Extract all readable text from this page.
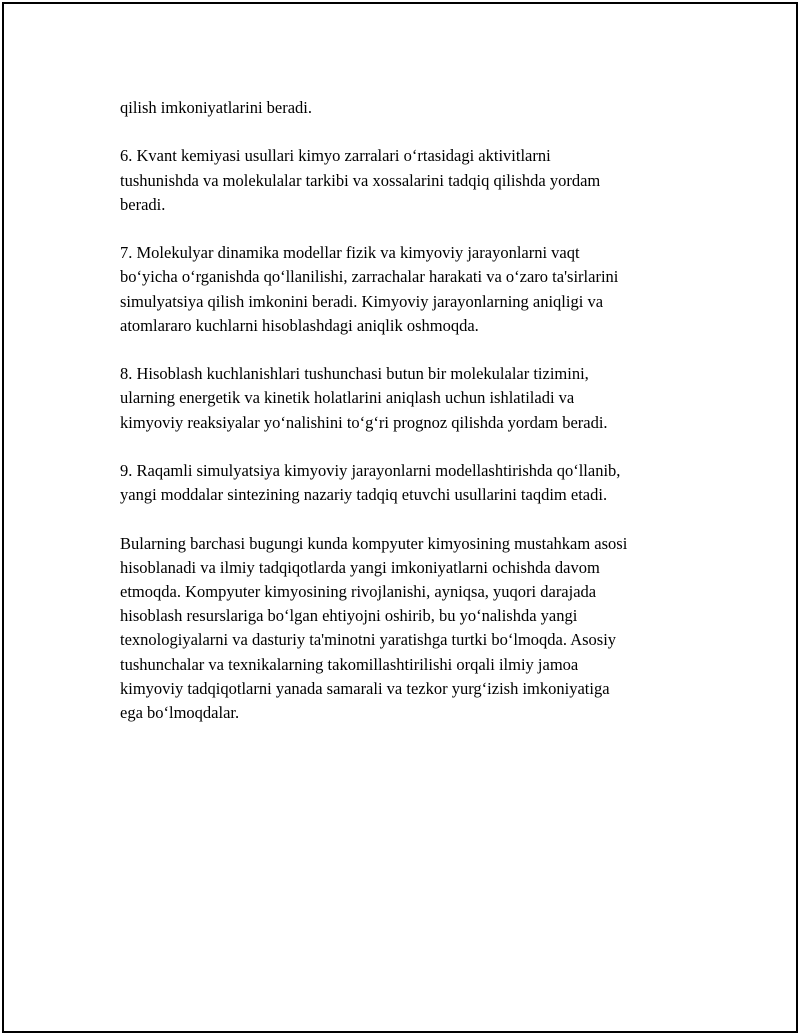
qilish imkoniyatlarini beradi.

6. Kvant kemiyasi usullari kimyo zarralari o‘rtasidagi aktivitlarni
tushunishda va molekulalar tarkibi va xossalarini tadqiq qilishda yordam
beradi.

7. Molekulyar dinamika modellar fizik va kimyoviy jarayonlarni vaqt
bo‘yicha o‘rganishda qo‘llanilishi, zarrachalar harakati va o‘zaro ta'sirlarini
simulyatsiya qilish imkonini beradi. Kimyoviy jarayonlarning aniqligi va
atomlararo kuchlarni hisoblashdagi aniqlik oshmoqda.

8. Hisoblash kuchlanishlari tushunchasi butun bir molekulalar tizimini,
ularning energetik va kinetik holatlarini aniqlash uchun ishlatiladi va
kimyoviy reaksiyalar yo‘nalishini to‘g‘ri prognoz qilishda yordam beradi.

9. Raqamli simulyatsiya kimyoviy jarayonlarni modellashtirishda qo‘llanib,
yangi moddalar sintezining nazariy tadqiq etuvchi usullarini taqdim etadi.

Bularning barchasi bugungi kunda kompyuter kimyosining mustahkam asosi
hisoblanadi va ilmiy tadqiqotlarda yangi imkoniyatlarni ochishda davom
etmoqda. Kompyuter kimyosining rivojlanishi, ayniqsa, yuqori darajada
hisoblash resurslariga bo‘lgan ehtiyojni oshirib, bu yo‘nalishda yangi
texnologiyalarni va dasturiy ta'minotni yaratishga turtki bo‘lmoqda. Asosiy
tushunchalar va texnikalarning takomillashtirilishi orqali ilmiy jamoa
kimyoviy tadqiqotlarni yanada samarali va tezkor yurg‘izish imkoniyatiga
ega bo‘lmoqdalar.
